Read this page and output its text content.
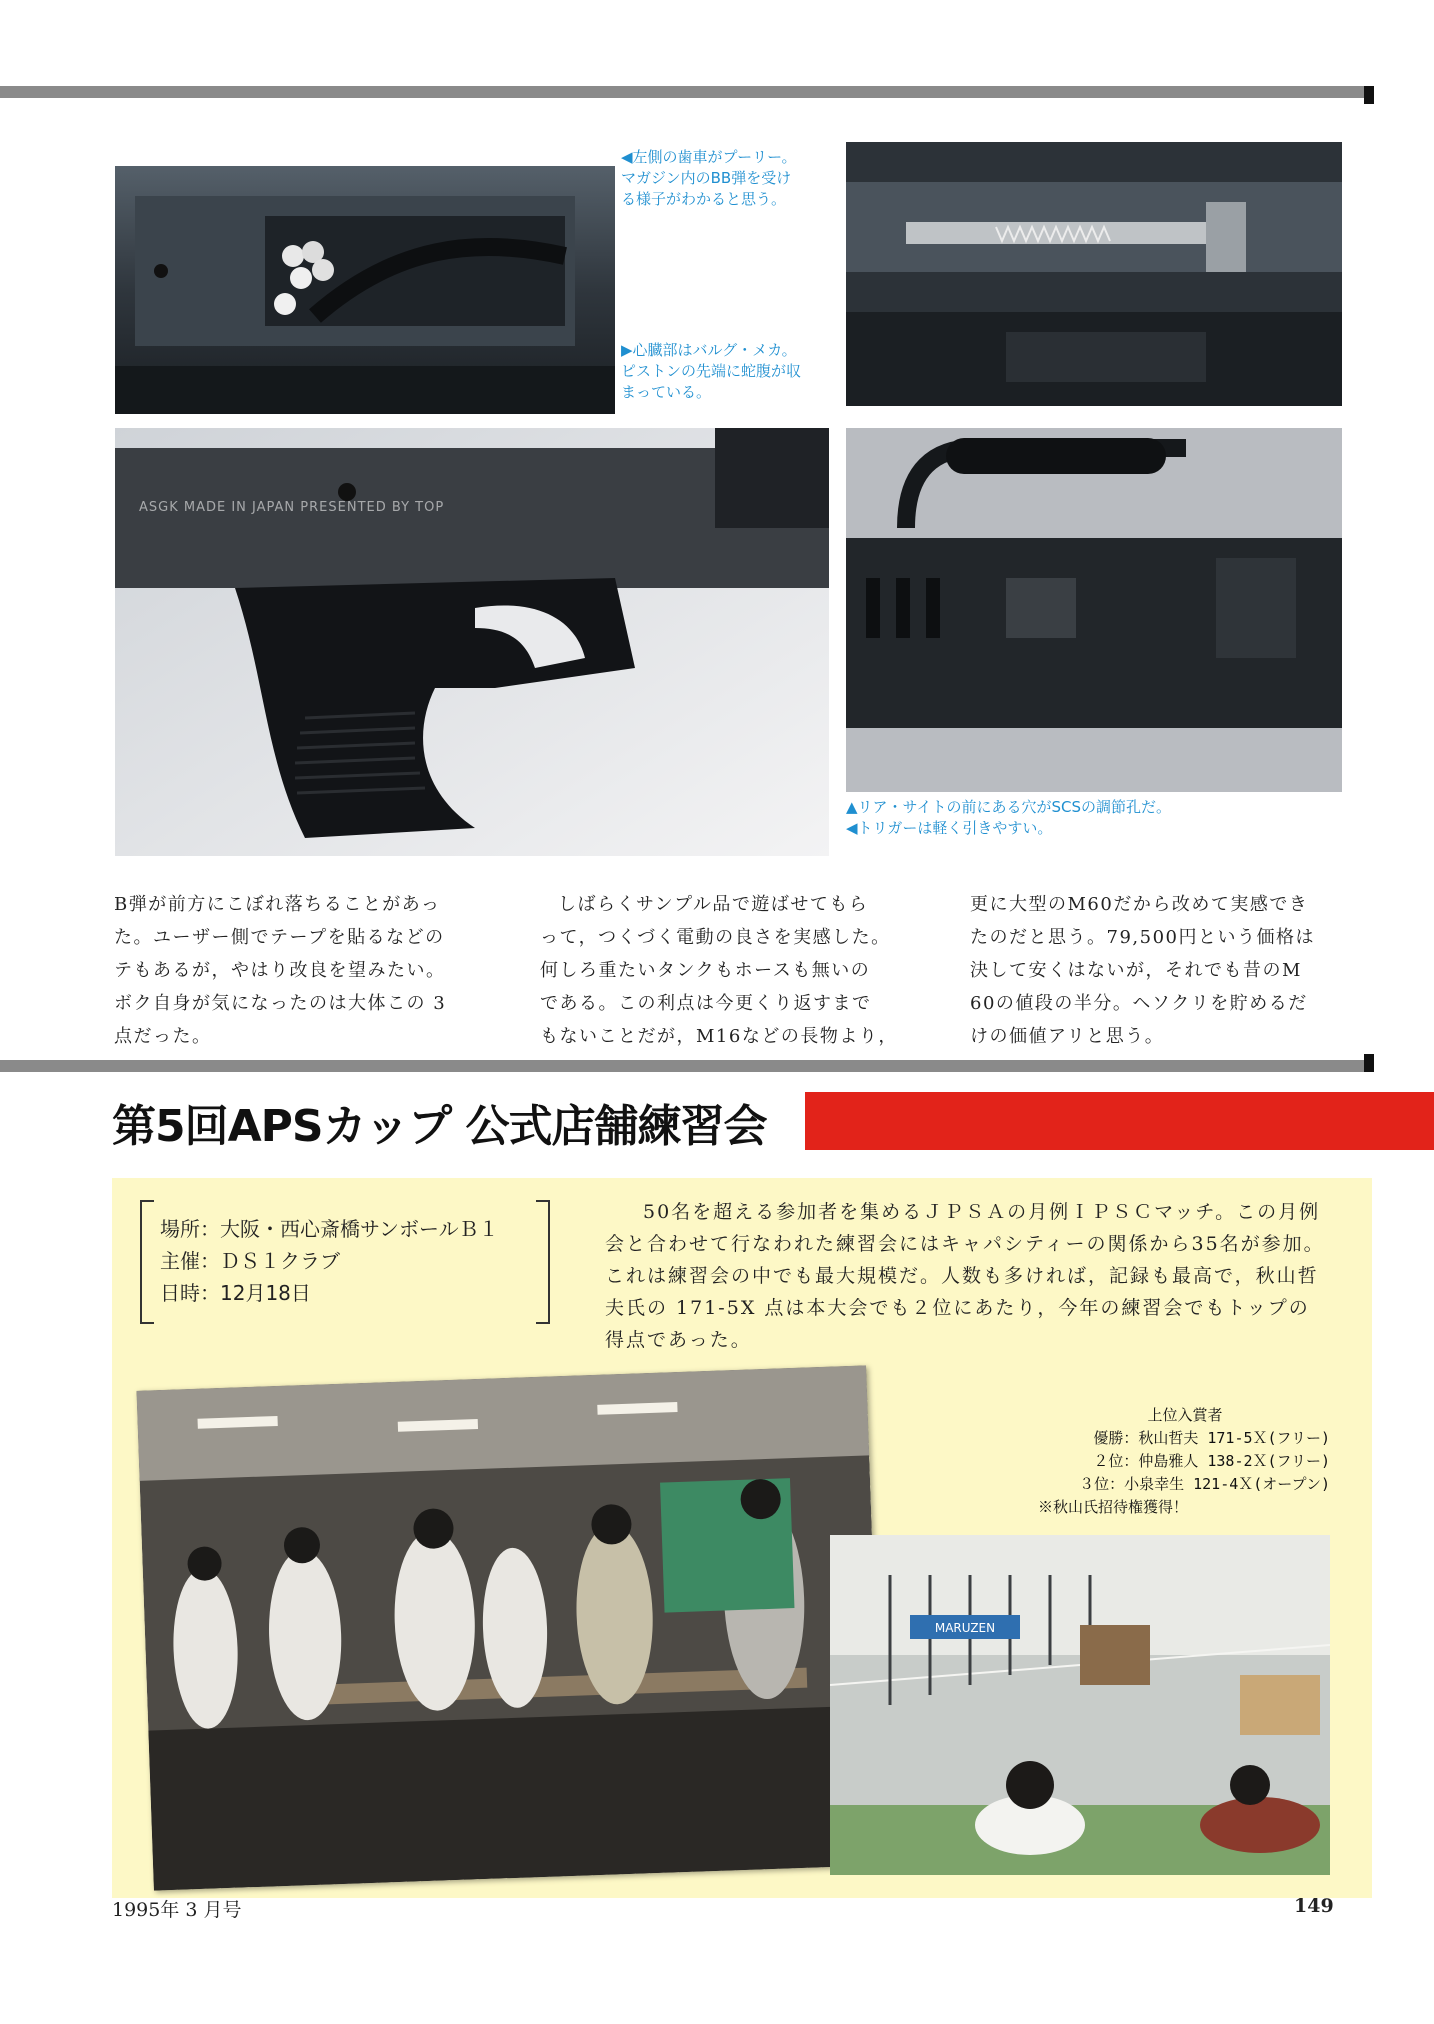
◀左側の歯車がプーリー。
マガジン内のBB弾を受け
る様子がわかると思う。
▶心臓部はバルグ・メカ。
ピストンの先端に蛇腹が収
まっている。
ASGK MADE IN JAPAN PRESENTED BY TOP
▲リア・サイトの前にある穴がSCSの調節孔だ。
◀トリガーは軽く引きやすい。

B弾が前方にこぼれ落ちることがあっ

た。ユーザー側でテープを貼るなどの

テもあるが，やはり改良を望みたい。

ボク自身が気になったのは大体この 3

点だった。

しばらくサンプル品で遊ばせてもら

って，つくづく電動の良さを実感した。

何しろ重たいタンクもホースも無いの

である。この利点は今更くり返すまで

もないことだが，M16などの長物より，

更に大型のM60だから改めて実感でき

たのだと思う。79,500円という価格は

決して安くはないが，それでも昔のM

60の値段の半分。ヘソクリを貯めるだ

けの価値アリと思う。

第5回APSカップ 公式店舗練習会
場所：大阪・西心斎橋サンボールＢ１
主催：ＤＳ１クラブ
日時：12月18日

50名を超える参加者を集めるＪＰＳＡの月例ＩＰＳＣマッチ。この月例会と合わせて行なわれた練習会にはキャパシティーの関係から35名が参加。これは練習会の中でも最大規模だ。人数も多ければ，記録も最高で，秋山哲夫氏の 171-5X 点は本大会でも２位にあたり，今年の練習会でもトップの得点であった。

上位入賞者
優勝：秋山哲夫 171-5Ｘ(フリー)
２位：仲島雅人 138-2Ｘ(フリー)
３位：小泉幸生 121-4Ｘ(オープン)
※秋山氏招待権獲得！
MARUZEN
1995年 3 月号	149
